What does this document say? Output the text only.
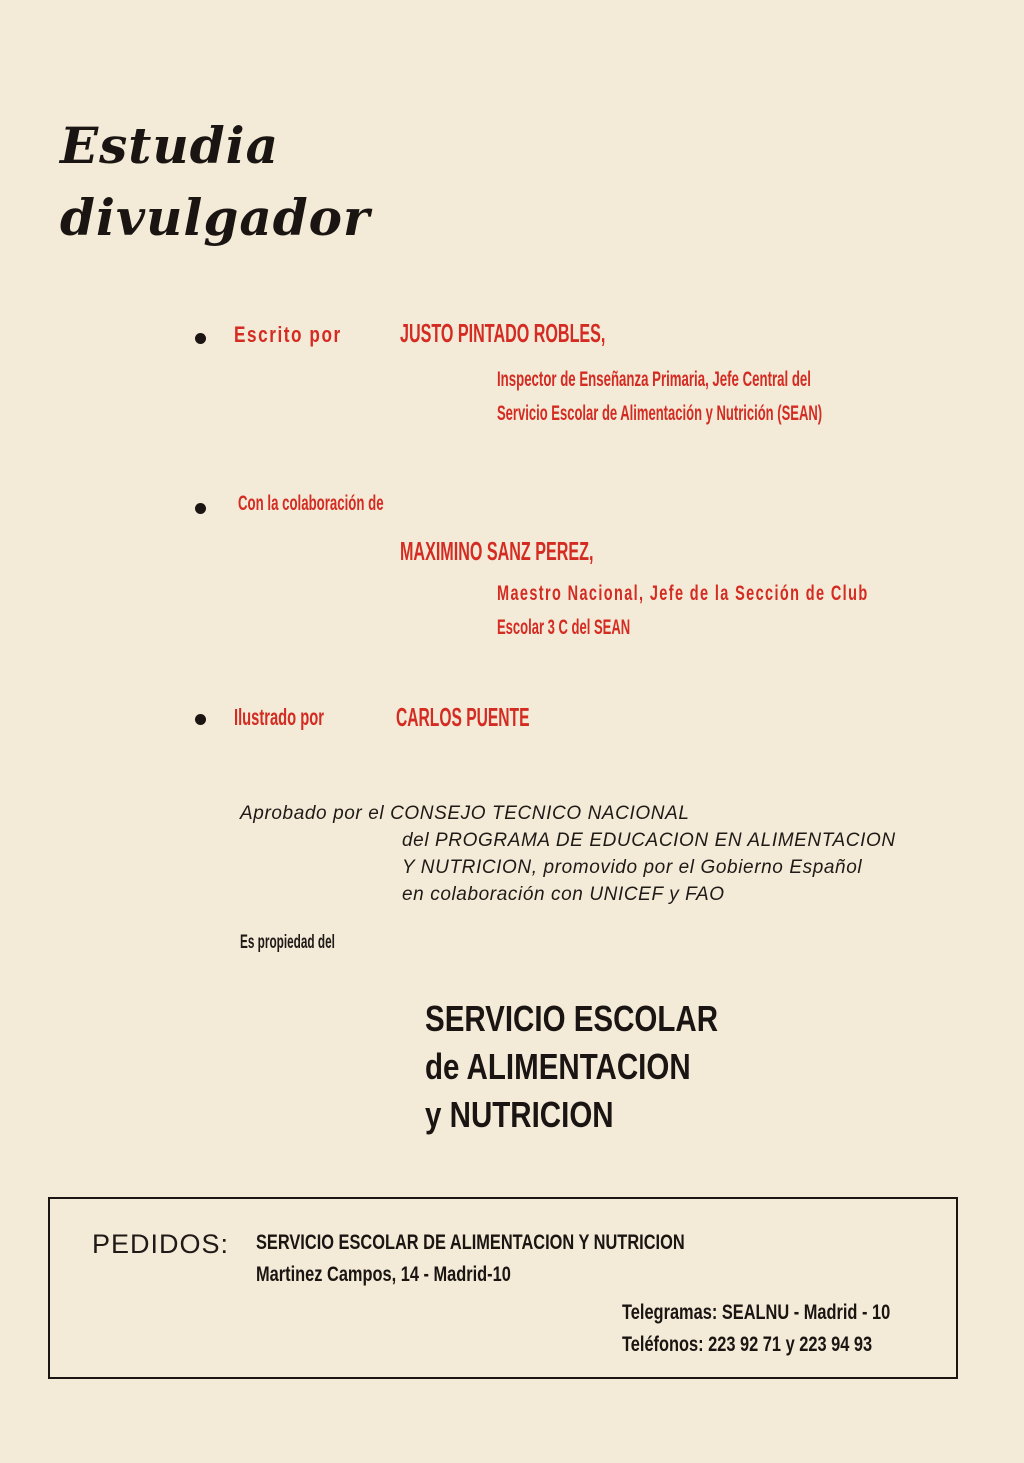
Estudia
divulgador
Escrito por	JUSTO PINTADO ROBLES,
Inspector de Enseñanza Primaria, Jefe Central del
Servicio Escolar de Alimentación y Nutrición (SEAN)
Con la colaboración de
MAXIMINO SANZ PEREZ,
Maestro Nacional, Jefe de la Sección de Club
Escolar 3 C del SEAN
Ilustrado por	CARLOS PUENTE
Aprobado por el CONSEJO TECNICO NACIONAL
del PROGRAMA DE EDUCACION EN ALIMENTACION
Y NUTRICION, promovido por el Gobierno Español
en colaboración con UNICEF y FAO
Es propiedad del
SERVICIO ESCOLAR
de ALIMENTACION
y NUTRICION
PEDIDOS: SERVICIO ESCOLAR DE ALIMENTACION Y NUTRICION
Martinez Campos, 14 - Madrid-10
Telegramas: SEALNU - Madrid - 10
Teléfonos: 223 92 71 y 223 94 93
